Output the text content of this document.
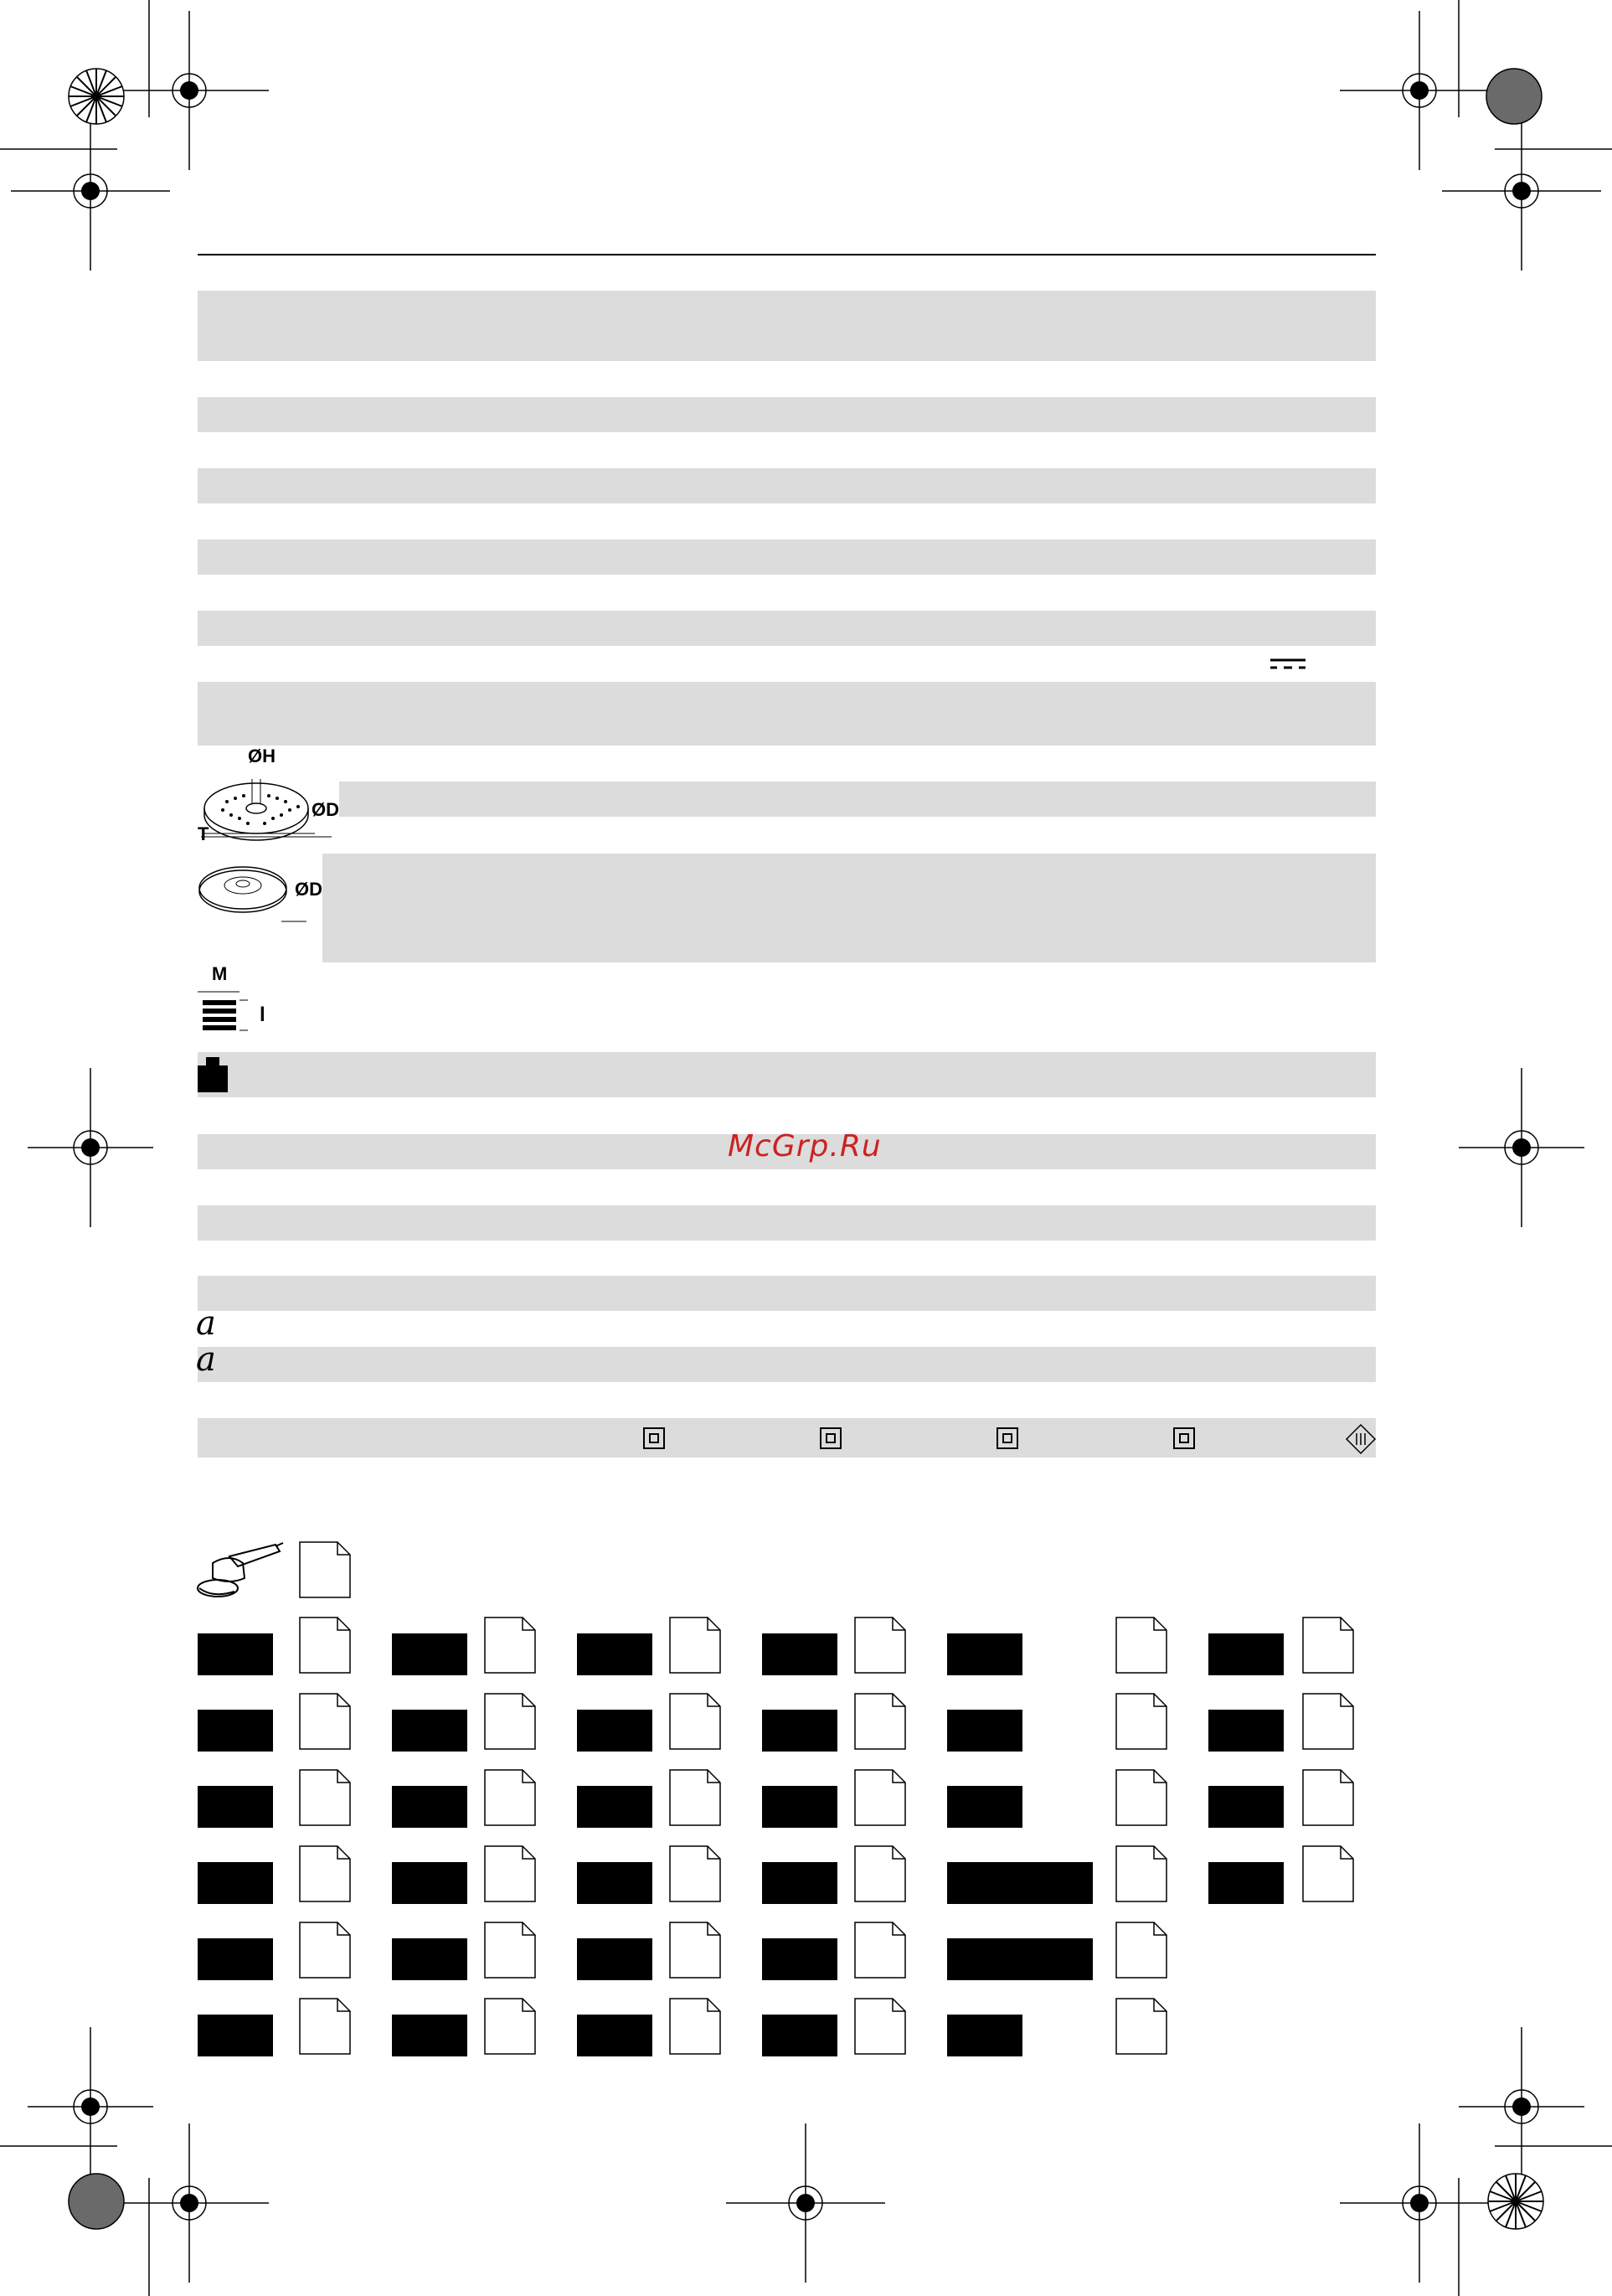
ØH
ØD
T
ØD
M
l
McGrp.Ru
a
a
